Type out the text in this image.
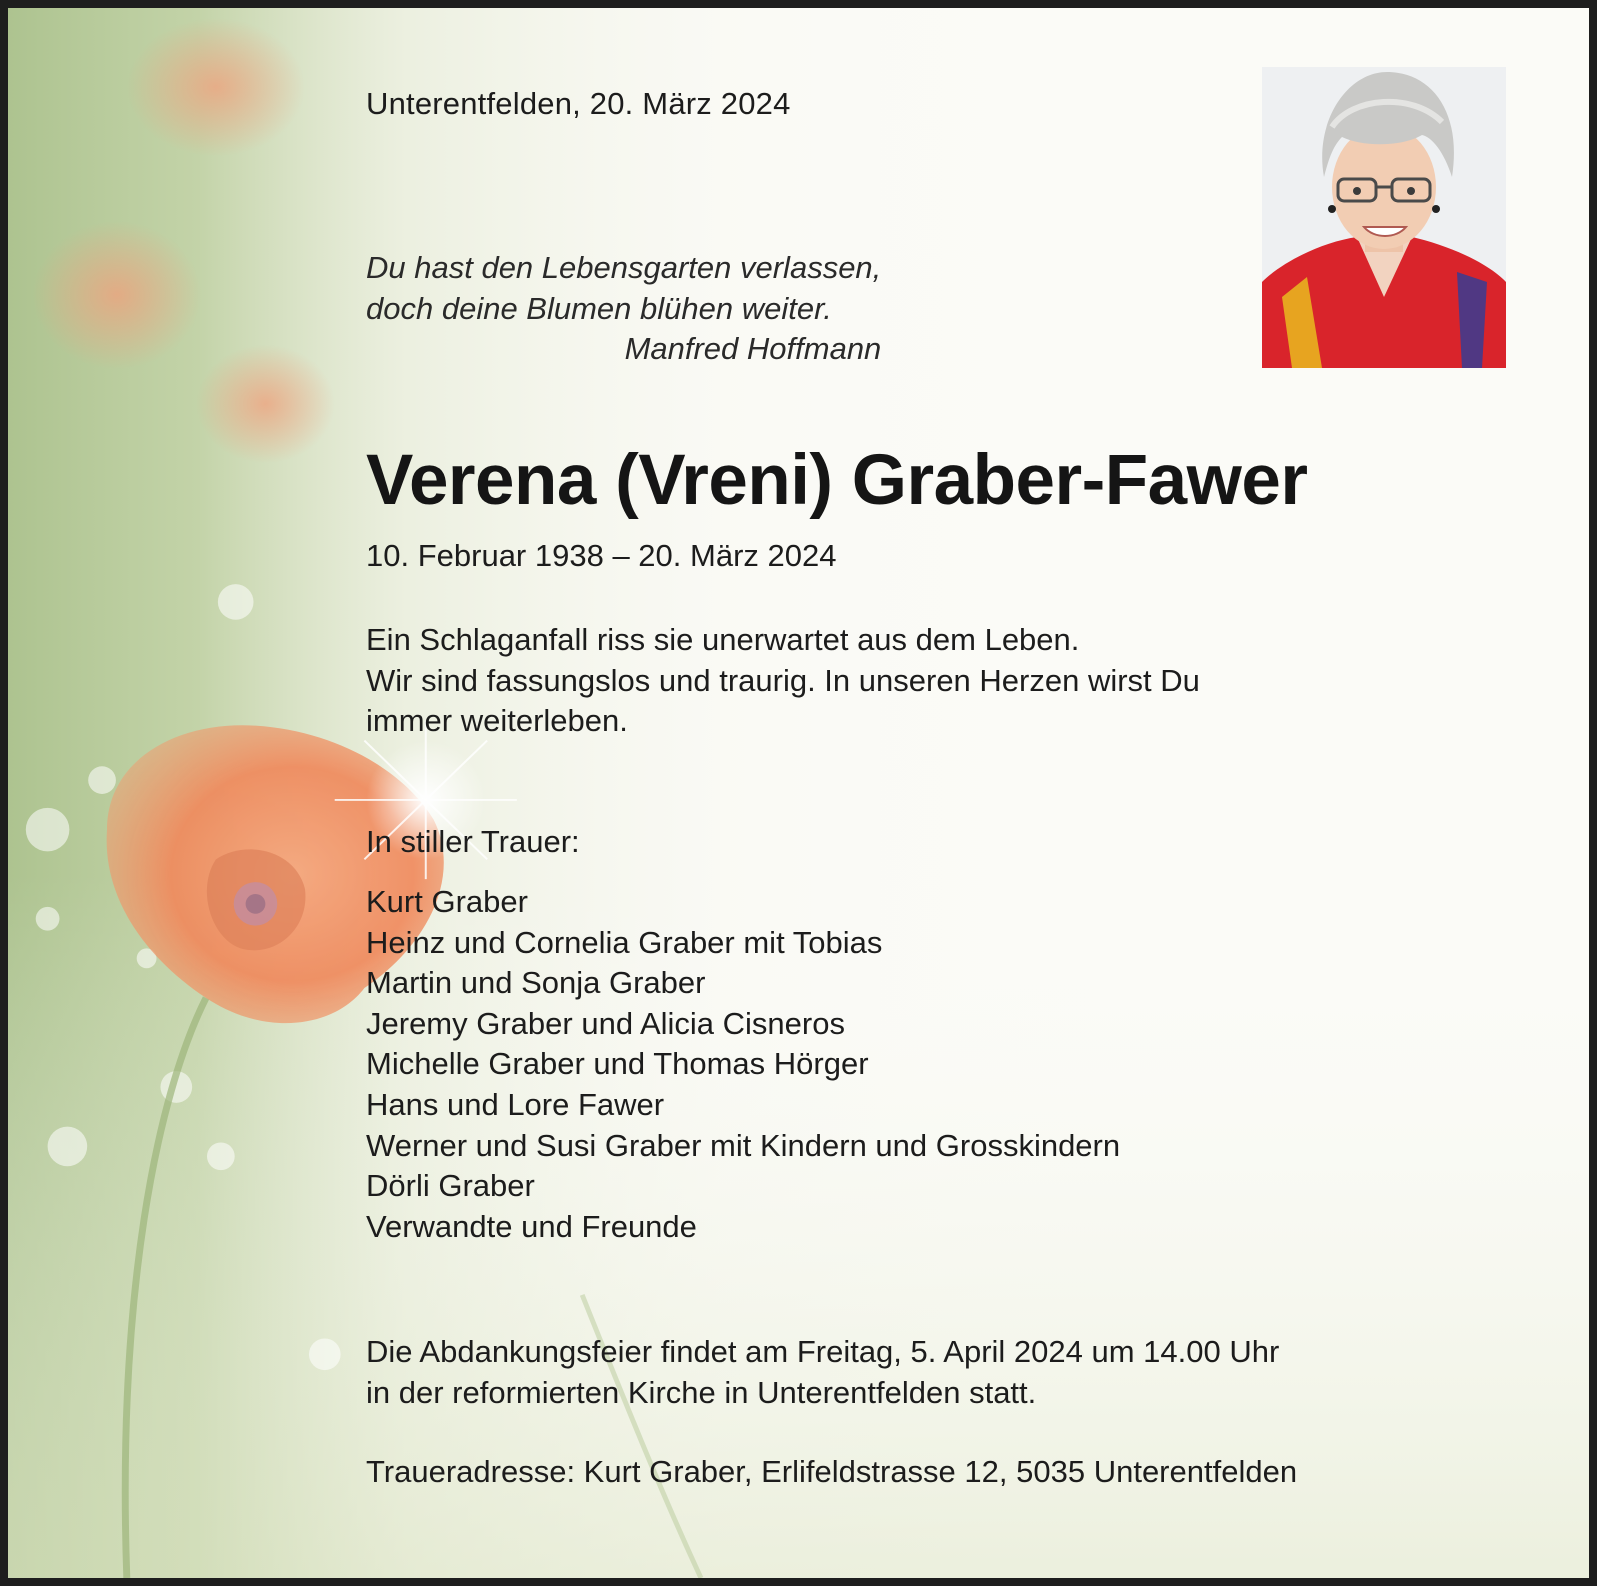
Unterentfelden, 20. März 2024

Du hast den Lebensgarten verlassen,
doch deine Blumen blühen weiter.

Manfred Hoffmann

Verena (Vreni) Graber-Fawer

10. Februar 1938 – 20. März 2024

Ein Schlaganfall riss sie unerwartet aus dem Leben.
Wir sind fassungslos und traurig. In unseren Herzen wirst Du
immer weiterleben.

In stiller Trauer:

Kurt Graber
Heinz und Cornelia Graber mit Tobias
Martin und Sonja Graber
Jeremy Graber und Alicia Cisneros
Michelle Graber und Thomas Hörger
Hans und Lore Fawer
Werner und Susi Graber mit Kindern und Grosskindern
Dörli Graber
Verwandte und Freunde

Die Abdankungsfeier findet am Freitag, 5. April 2024 um 14.00 Uhr
in der reformierten Kirche in Unterentfelden statt.

Traueradresse: Kurt Graber, Erlifeldstrasse 12, 5035 Unterentfelden
